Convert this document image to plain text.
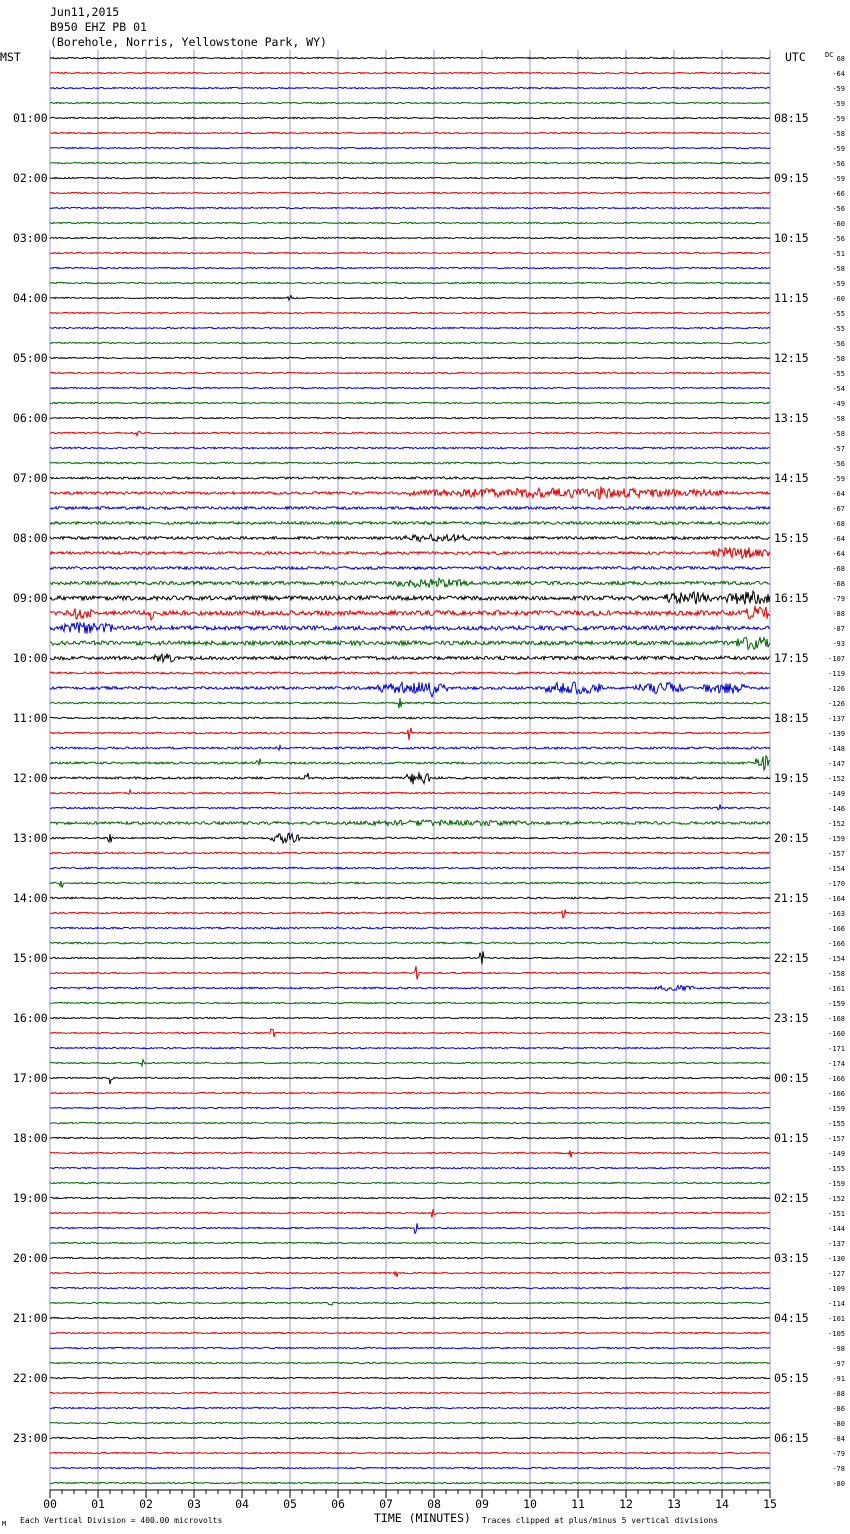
Jun11,2015
B950 EHZ PB 01
(Borehole, Norris, Yellowstone Park, WY)
MST	UTC	DC
01:00
02:00
03:00
04:00
05:00
06:00
07:00
08:00
09:00
10:00
11:00
12:00
13:00
14:00
15:00
16:00
17:00
18:00
19:00
20:00
21:00
22:00
23:00
08:15
09:15
10:15
11:15
12:15
13:15
14:15
15:15
16:15
17:15
18:15
19:15
20:15
21:15
22:15
23:15
00:15
01:15
02:15
03:15
04:15
05:15
06:15
68
-64
-59
-59
-59
-58
-59
-56
-59
-66
-56
-60
-56
-51
-58
-59
-60
-55
-55
-56
-58
-55
-54
-49
-58
-58
-57
-56
-59
-64
-67
-68
-64
-64
-68
-68
-79
-88
-87
-93
-107
-119
-126
-126
-137
-139
-148
-147
-152
-149
-146
-152
-159
-157
-154
-170
-164
-163
-166
-166
-154
-158
-161
-159
-168
-160
-171
-174
-166
-166
-159
-155
-157
-149
-155
-159
-152
-151
-144
-137
-130
-127
-109
-114
-101
-105
-98
-97
-91
-88
-86
-80
-84
-79
-78
-80
00	01	02	03	04	05	06	07	08	09	10	11	12	13	14	15
M Each Vertical Division = 400.00 microvolts	TIME (MINUTES) Traces clipped at plus/minus 5 vertical divisions
